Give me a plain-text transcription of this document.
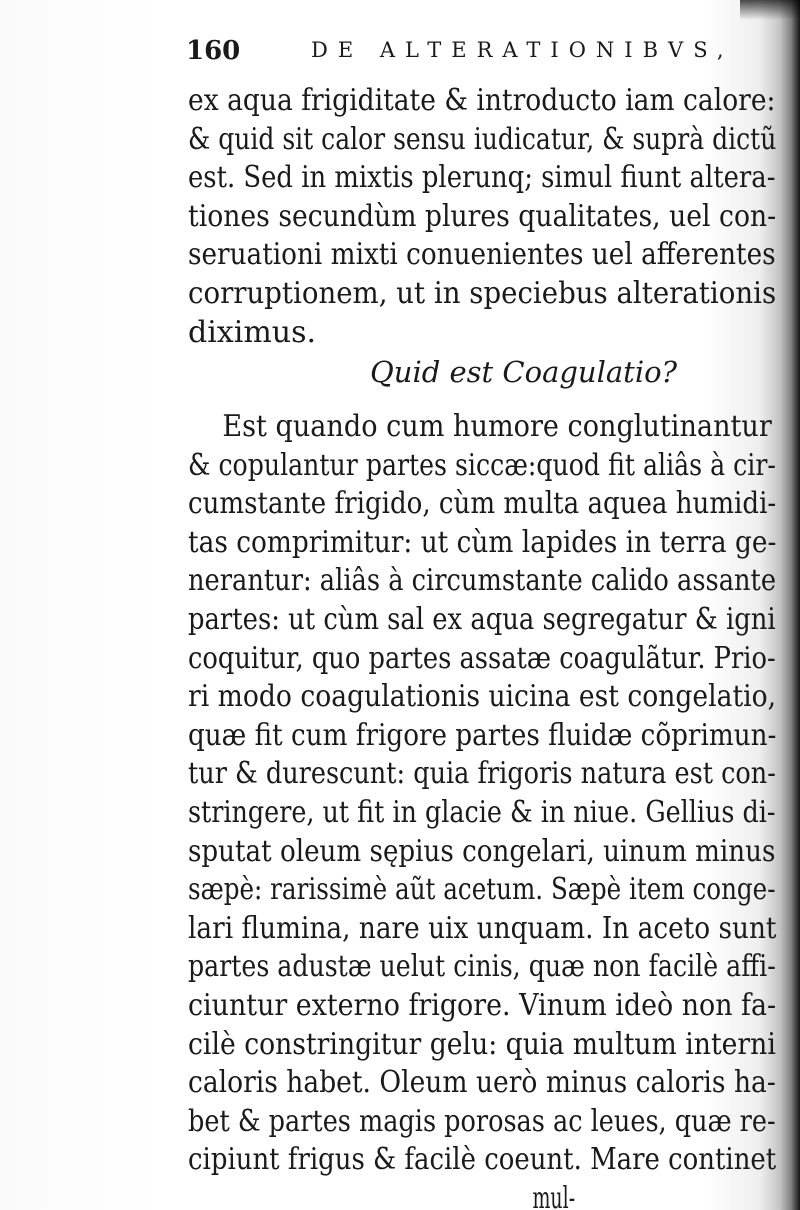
160	DE ALTERATIONIBVS,
ex aqua frigiditate & introducto iam calore:
& quid sit calor sensu iudicatur, & suprà dictũ
est. Sed in mixtis plerunq; simul fiunt altera-
tiones secundùm plures qualitates, uel con-
seruationi mixti conuenientes uel afferentes
corruptionem, ut in speciebus alterationis
diximus.
Quid est Coagulatio?
Est quando cum humore conglutinantur
& copulantur partes siccæ:quod fit aliâs à cir-
cumstante frigido, cùm multa aquea humidi-
tas comprimitur: ut cùm lapides in terra ge-
nerantur: aliâs à circumstante calido assante
partes: ut cùm sal ex aqua segregatur & igni
coquitur, quo partes assatæ coagulãtur. Prio-
ri modo coagulationis uicina est congelatio,
quæ fit cum frigore partes fluidæ cõprimun-
tur & durescunt: quia frigoris natura est con-
stringere, ut fit in glacie & in niue. Gellius di-
sputat oleum sępius congelari, uinum minus
sæpè: rarissimè aũt acetum. Sæpè item conge-
lari flumina, nare uix unquam. In aceto sunt
partes adustæ uelut cinis, quæ non facilè affi-
ciuntur externo frigore. Vinum ideò non fa-
cilè constringitur gelu: quia multum interni
caloris habet. Oleum uerò minus caloris ha-
bet & partes magis porosas ac leues, quæ re-
cipiunt frigus & facilè coeunt. Mare continet
mul-
